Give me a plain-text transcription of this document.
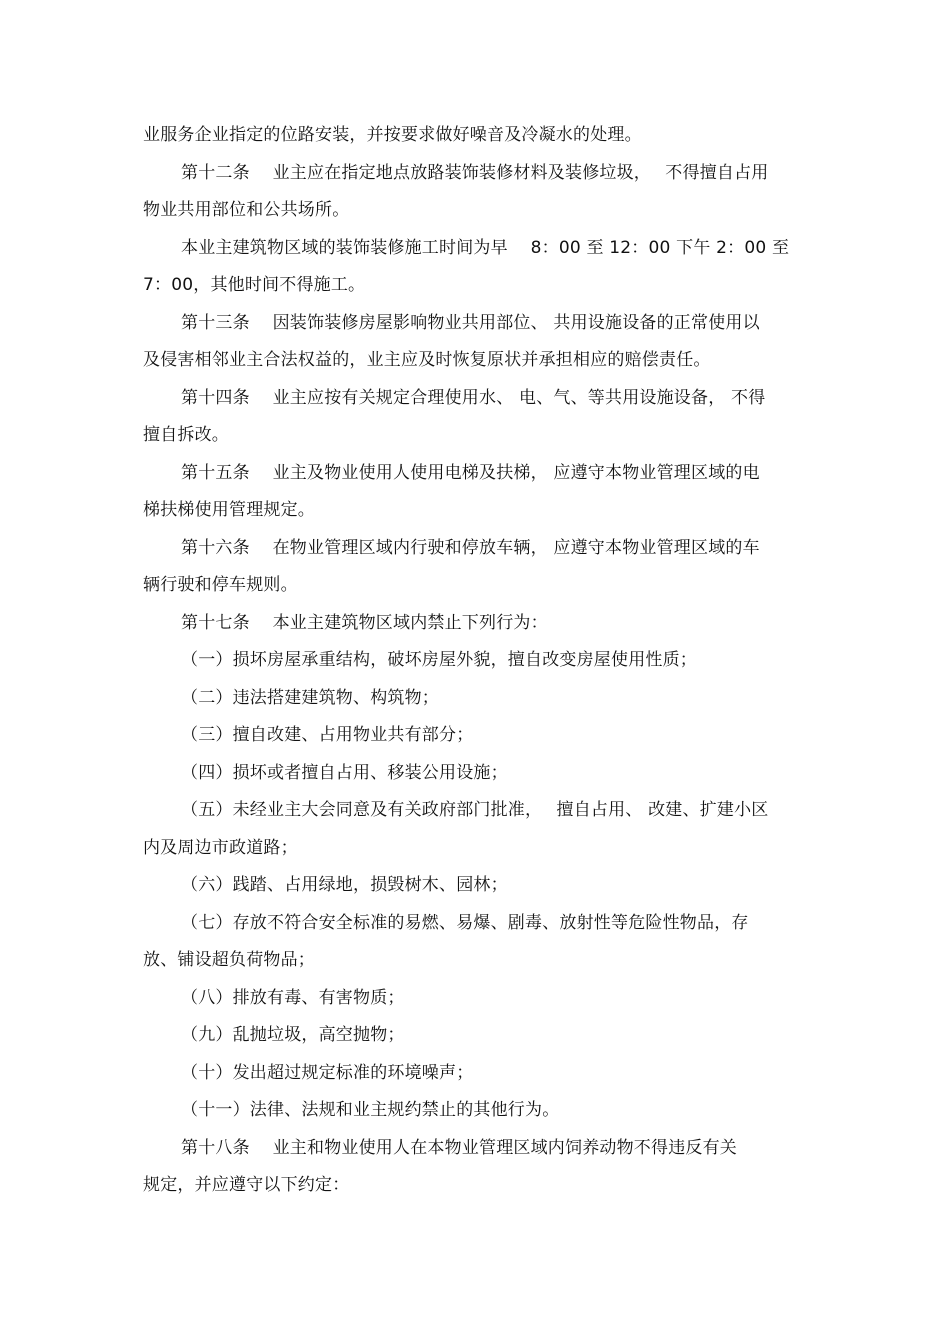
业服务企业指定的位路安装，并按要求做好噪音及冷凝水的处理。
第十二条　 业主应在指定地点放路装饰装修材料及装修垃圾，　 不得擅自占用
物业共用部位和公共场所。
本业主建筑物区域的装饰装修施工时间为早　 8：00 至 12：00 下午 2：00 至
7：00，其他时间不得施工。
第十三条　 因装饰装修房屋影响物业共用部位、 共用设施设备的正常使用以
及侵害相邻业主合法权益的，业主应及时恢复原状并承担相应的赔偿责任。
第十四条　 业主应按有关规定合理使用水、 电、气、等共用设施设备， 不得
擅自拆改。
第十五条　 业主及物业使用人使用电梯及扶梯， 应遵守本物业管理区域的电
梯扶梯使用管理规定。
第十六条　 在物业管理区域内行驶和停放车辆， 应遵守本物业管理区域的车
辆行驶和停车规则。
第十七条　 本业主建筑物区域内禁止下列行为：
（一）损坏房屋承重结构，破坏房屋外貌，擅自改变房屋使用性质；
（二）违法搭建建筑物、构筑物；
（三）擅自改建、占用物业共有部分；
（四）损坏或者擅自占用、移装公用设施；
（五）未经业主大会同意及有关政府部门批准，　 擅自占用、 改建、扩建小区
内及周边市政道路；
（六）践踏、占用绿地，损毁树木、园林；
（七）存放不符合安全标准的易燃、易爆、剧毒、放射性等危险性物品，存
放、铺设超负荷物品；
（八）排放有毒、有害物质；
（九）乱抛垃圾，高空抛物；
（十）发出超过规定标准的环境噪声；
（十一）法律、法规和业主规约禁止的其他行为。
第十八条　 业主和物业使用人在本物业管理区域内饲养动物不得违反有关
规定，并应遵守以下约定：
